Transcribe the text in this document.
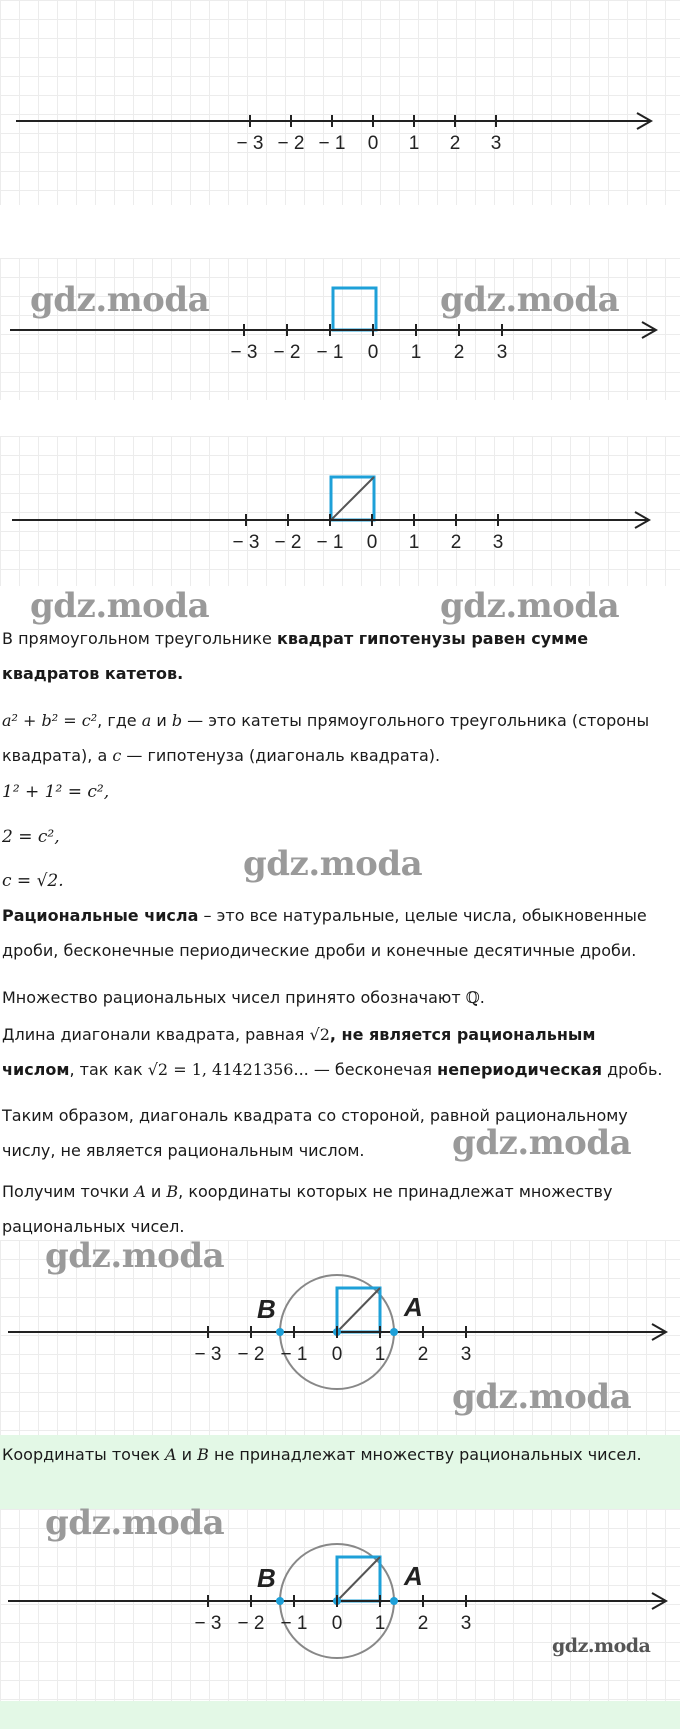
− 3 − 2 − 1 0 1 2 3
− 3 − 2 − 1 0 1 2 3
gdz.moda	gdz.moda
− 3 − 2 − 1 0 1 2 3
gdz.moda	gdz.moda
В прямоугольном треугольнике квадрат гипотенузы равен сумме квадратов катетов.
a² + b² = c², где a и b — это катеты прямоугольного треугольника (стороны квадрата), а c — гипотенуза (диагональ квадрата).
1² + 1² = c²,
2 = c²,
c = √2.	gdz.moda
Рациональные числа – это все натуральные, целые числа, обыкновенные дроби, бесконечные периодические дроби и конечные десятичные дроби.
Множество рациональных чисел принято обозначают ℚ.
Длина диагонали квадрата, равная √2, не является рациональным числом, так как √2 = 1, 41421356... — бесконечая непериодическая дробь.
Таким образом, диагональ квадрата со стороной, равной рациональному числу, не является рациональным числом.	gdz.moda
Получим точки A и B, координаты которых не принадлежат множеству рациональных чисел.
B	A
− 3 − 2 − 1 0 1 2 3
gdz.moda
gdz.moda
Координаты точек A и B не принадлежат множеству рациональных чисел.
B	A
− 3 − 2 − 1 0 1 2 3
gdz.moda
gdz.moda
